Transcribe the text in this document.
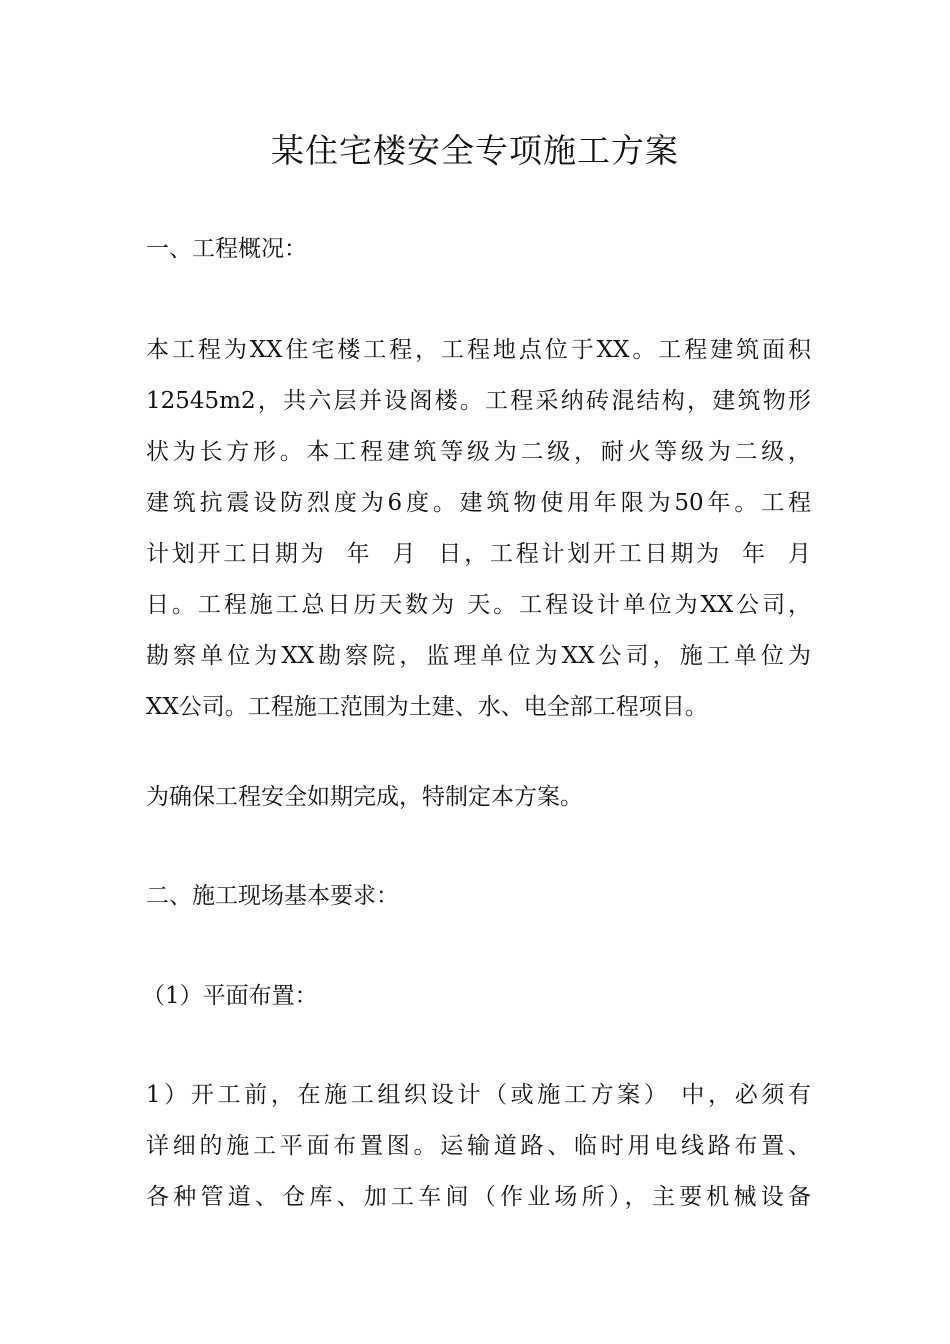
某住宅楼安全专项施工方案

一、工程概况：

本工程为XX住宅楼工程，工程地点位于XX。工程建筑面积
12545m2，共六层并设阁楼。工程采纳砖混结构，建筑物形
状为长方形。本工程建筑等级为二级，耐火等级为二级，
建筑抗震设防烈度为6度。建筑物使用年限为50年。工程
计划开工日期为  年  月  日，工程计划开工日期为  年  月
日。工程施工总日历天数为 天。工程设计单位为XX公司，
勘察单位为XX勘察院，监理单位为XX公司，施工单位为
XX公司。工程施工范围为土建、水、电全部工程项目。

为确保工程安全如期完成，特制定本方案。

二、施工现场基本要求：

（1）平面布置：

1）开工前，在施工组织设计（或施工方案） 中，必须有
详细的施工平面布置图。运输道路、临时用电线路布置、
各种管道、仓库、加工车间（作业场所），主要机械设备
